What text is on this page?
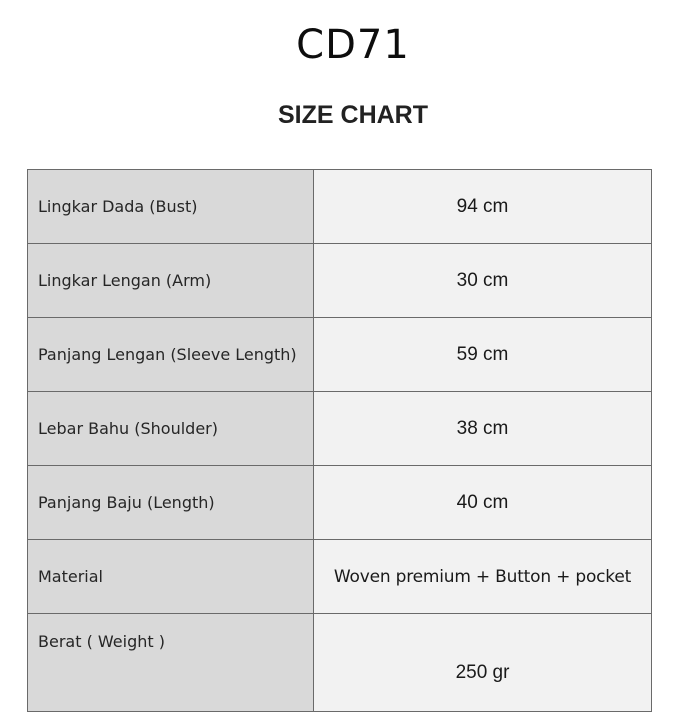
CD71
SIZE CHART
Lingkar Dada (Bust)	94 cm
Lingkar Lengan (Arm)	30 cm
Panjang Lengan (Sleeve Length)	59 cm
Lebar Bahu (Shoulder)	38 cm
Panjang Baju (Length)	40 cm
Material	Woven premium + Button + pocket
Berat ( Weight )	250 gr
